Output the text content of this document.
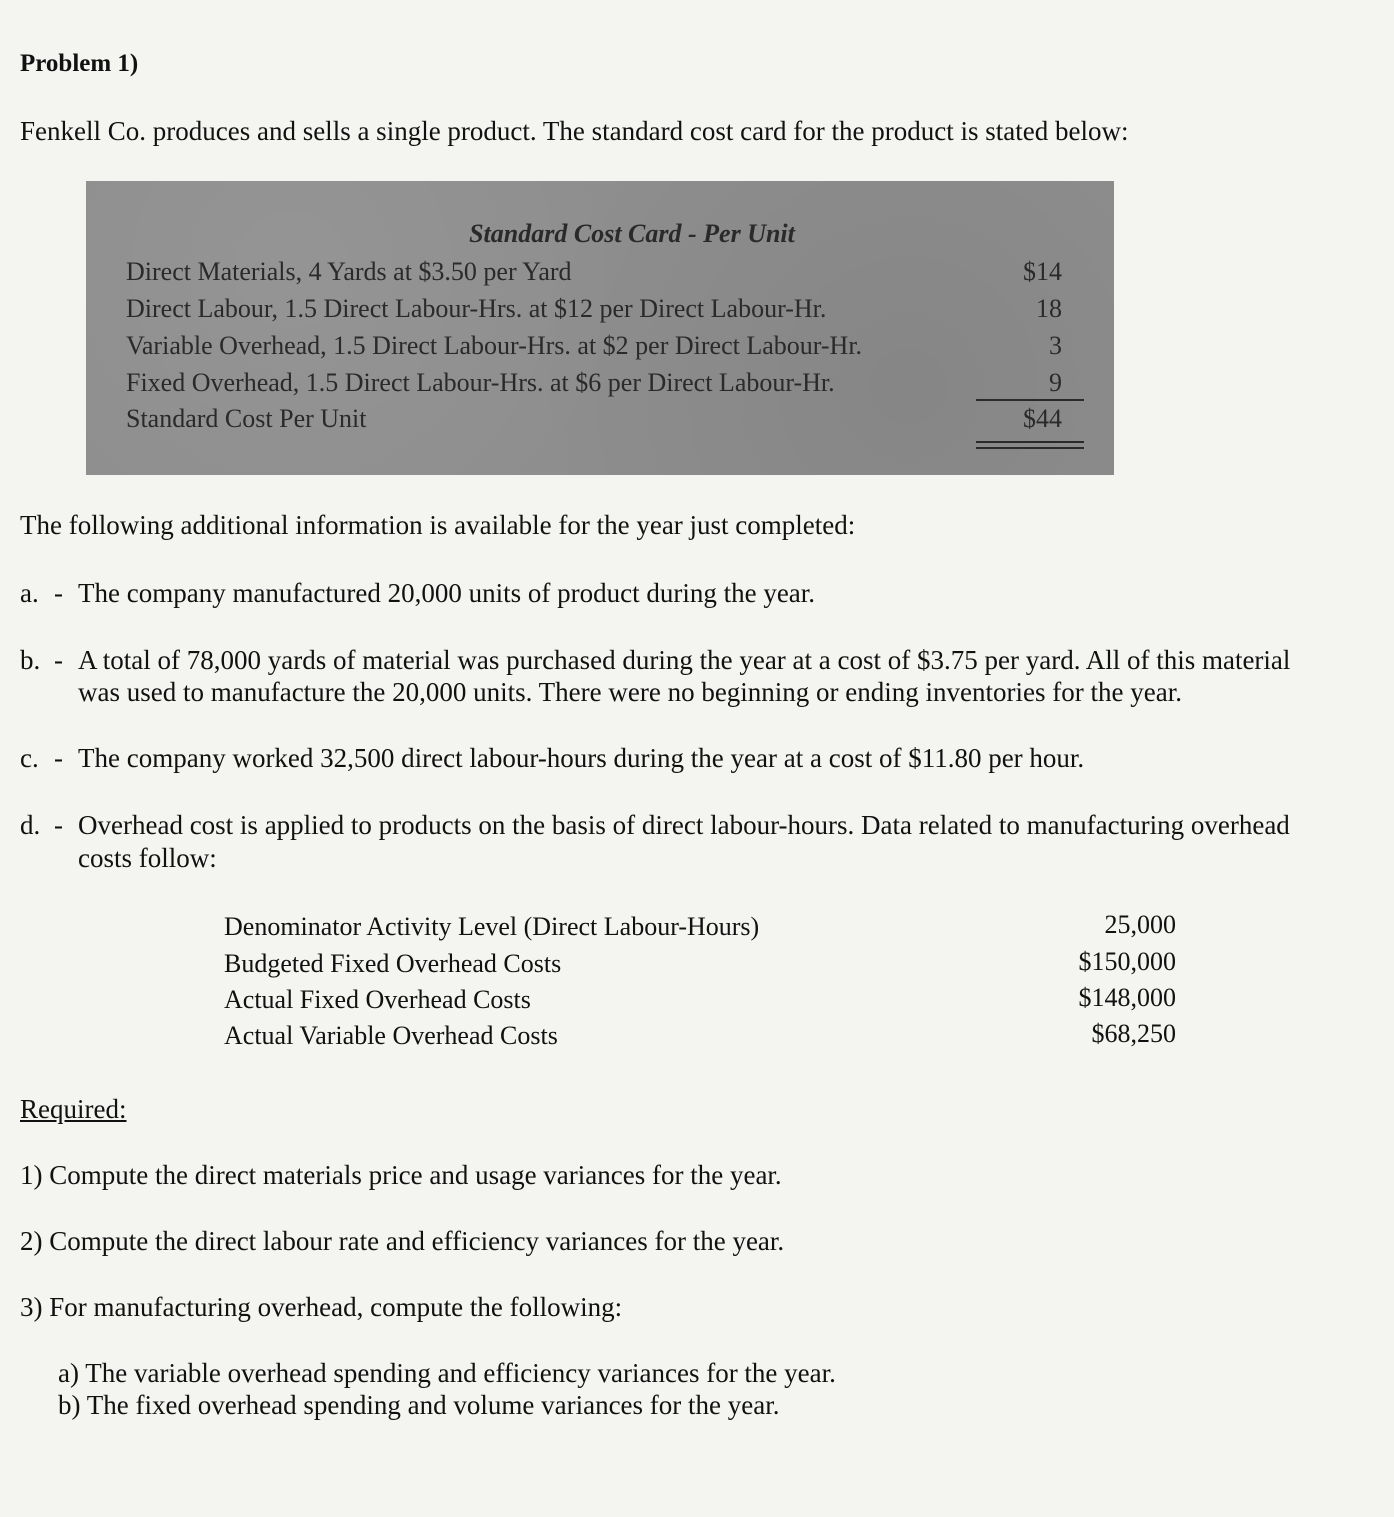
Problem 1)
Fenkell Co. produces and sells a single product. The standard cost card for the product is stated below:
Standard Cost Card - Per Unit
Direct Materials, 4 Yards at $3.50 per Yard	$14
Direct Labour, 1.5 Direct Labour-Hrs. at $12 per Direct Labour-Hr.	18
Variable Overhead, 1.5 Direct Labour-Hrs. at $2 per Direct Labour-Hr.	3
Fixed Overhead, 1.5 Direct Labour-Hrs. at $6 per Direct Labour-Hr.	9
Standard Cost Per Unit	$44
The following additional information is available for the year just completed:
a. - The company manufactured 20,000 units of product during the year.
b. - A total of 78,000 yards of material was purchased during the year at a cost of $3.75 per yard. All of this material
was used to manufacture the 20,000 units. There were no beginning or ending inventories for the year.
c. - The company worked 32,500 direct labour-hours during the year at a cost of $11.80 per hour.
d. - Overhead cost is applied to products on the basis of direct labour-hours. Data related to manufacturing overhead
costs follow:
Denominator Activity Level (Direct Labour-Hours)	25,000
Budgeted Fixed Overhead Costs	$150,000
Actual Fixed Overhead Costs	$148,000
Actual Variable Overhead Costs	$68,250
Required:
1) Compute the direct materials price and usage variances for the year.
2) Compute the direct labour rate and efficiency variances for the year.
3) For manufacturing overhead, compute the following:
a) The variable overhead spending and efficiency variances for the year.
b) The fixed overhead spending and volume variances for the year.
